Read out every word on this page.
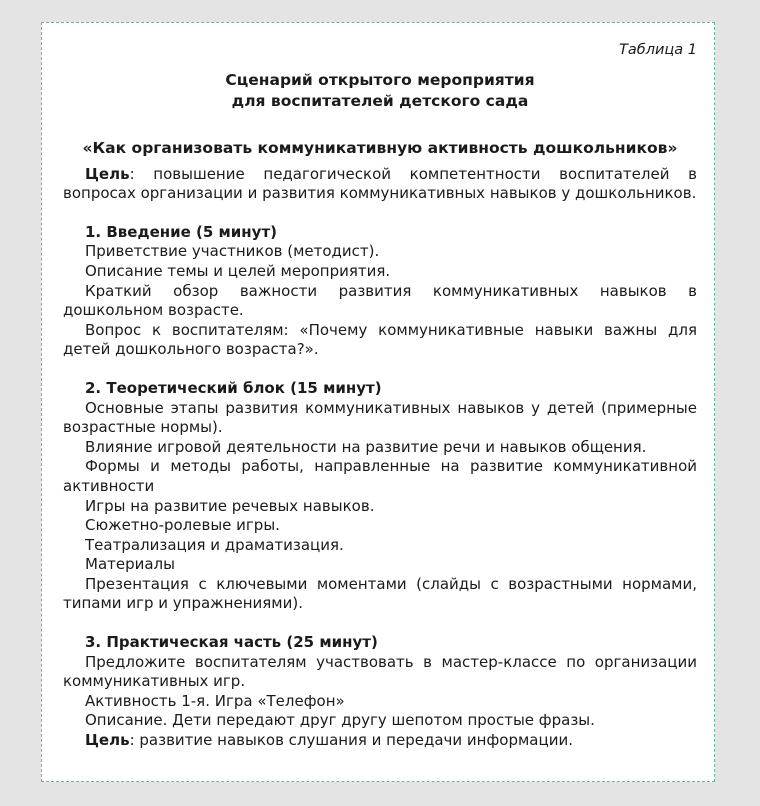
Таблица 1
Сценарий открытого мероприятия
для воспитателей детского сада
«Как организовать коммуникативную активность дошкольников»

Цель: повышение педагогической компетентности воспитателей в вопросах организации и развития коммуникативных навыков у дошкольников.

1. Введение (5 минут)

Приветствие участников (методист).

Описание темы и целей мероприятия.

Краткий обзор важности развития коммуникативных навыков в дошкольном возрасте.

Вопрос к воспитателям: «Почему коммуникативные навыки важны для детей дошкольного возраста?».

2. Теоретический блок (15 минут)

Основные этапы развития коммуникативных навыков у детей (примерные возрастные нормы).

Влияние игровой деятельности на развитие речи и навыков общения.

Формы и методы работы, направленные на развитие коммуникативной активности

Игры на развитие речевых навыков.

Сюжетно-ролевые игры.

Театрализация и драматизация.

Материалы

Презентация с ключевыми моментами (слайды с возрастными нормами, типами игр и упражнениями).

3. Практическая часть (25 минут)

Предложите воспитателям участвовать в мастер-классе по организации коммуникативных игр.

Активность 1-я. Игра «Телефон»

Описание. Дети передают друг другу шепотом простые фразы.

Цель: развитие навыков слушания и передачи информации.
